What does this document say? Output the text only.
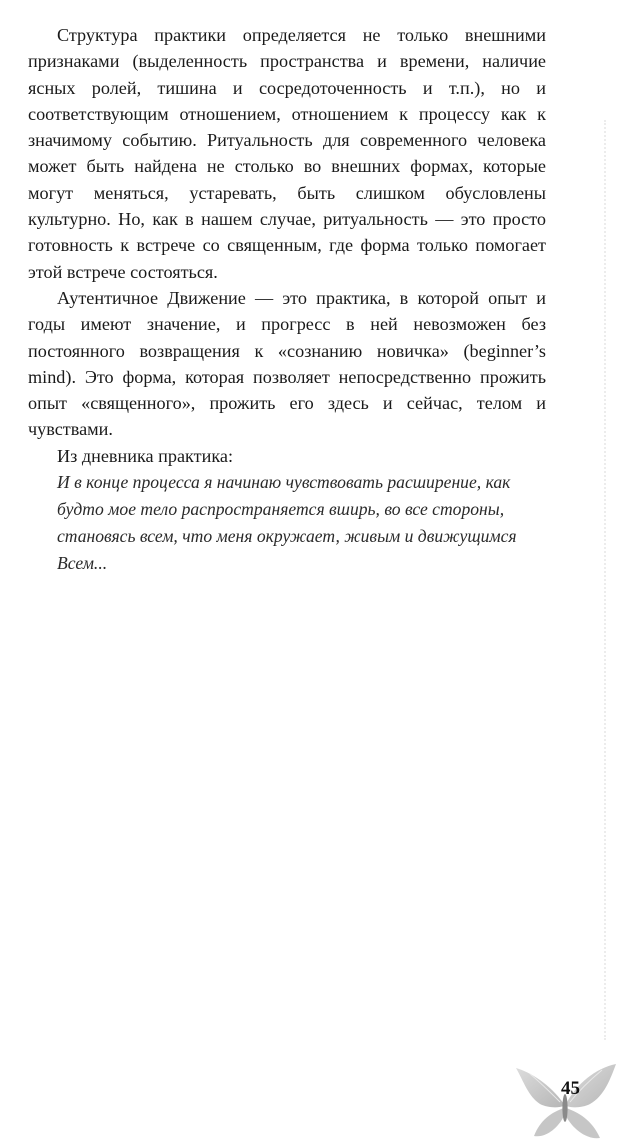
Структура практики определяется не только внешними признаками (выделенность пространства и времени, наличие ясных ролей, тишина и сосредоточенность и т.п.), но и соответствующим отношением, отношением к процессу как к значимому событию. Ритуальность для современного человека может быть найдена не столько во внешних формах, которые могут меняться, устаревать, быть слишком обусловлены культурно. Но, как в нашем случае, ритуальность — это просто готовность к встрече со священным, где форма только помогает этой встрече состояться.

Аутентичное Движение — это практика, в которой опыт и годы имеют значение, и прогресс в ней невозможен без постоянного возвращения к «сознанию новичка» (beginner’s mind). Это форма, которая позволяет непосредственно прожить опыт «священного», прожить его здесь и сейчас, телом и чувствами.

Из дневника практика:

И в конце процесса я начинаю чувствовать расширение, как будто мое тело распространяется вширь, во все стороны, становясь всем, что меня окружает, живым и движущимся Всем...

45
